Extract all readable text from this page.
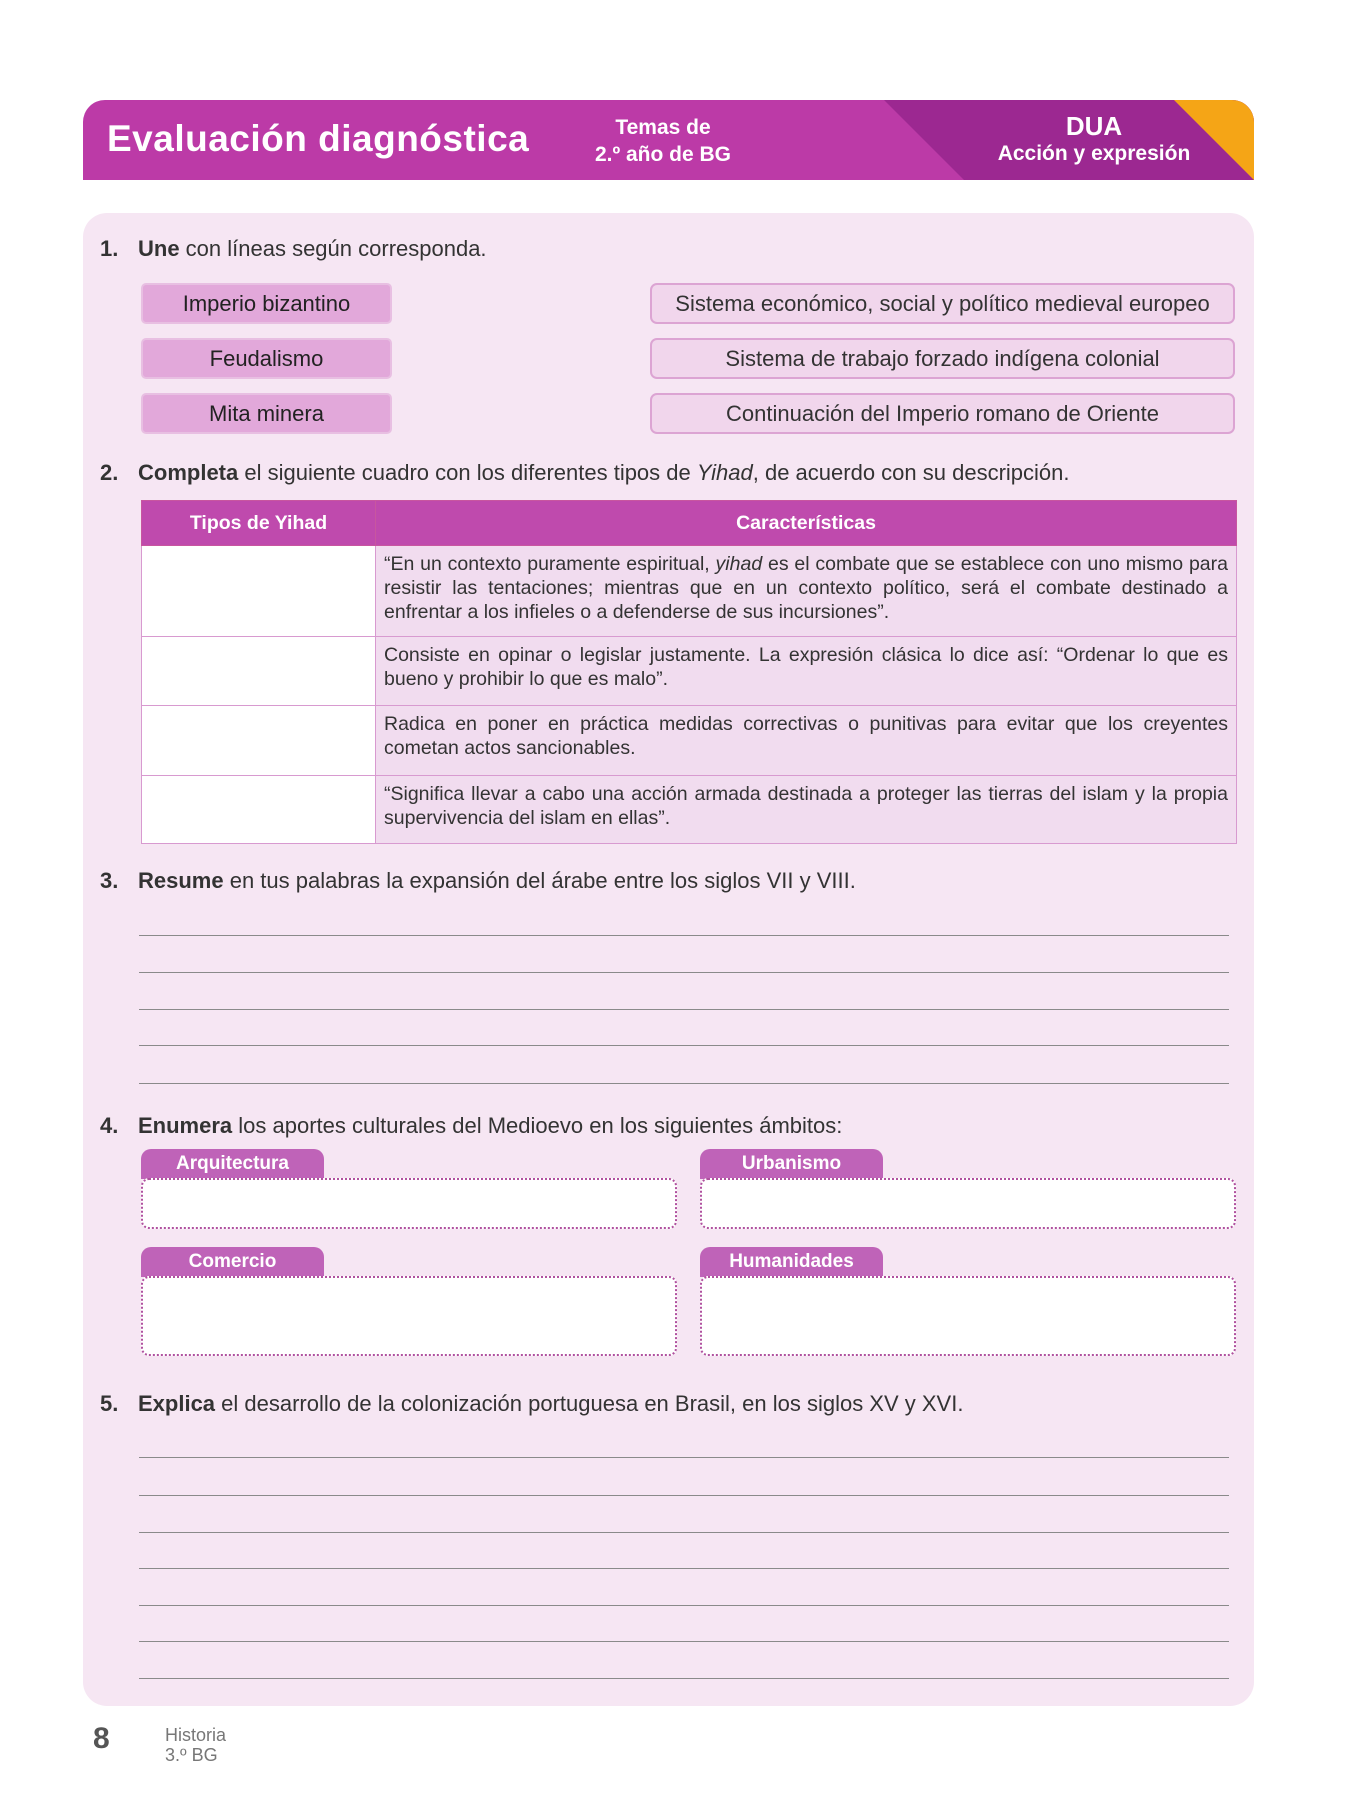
Evaluación diagnóstica	Temas de
2.º año de BG
DUA
Acción y expresión
1. Une con líneas según corresponda.
Imperio bizantino
Feudalismo
Mita minera
Sistema económico, social y político medieval europeo
Sistema de trabajo forzado indígena colonial
Continuación del Imperio romano de Oriente
2. Completa el siguiente cuadro con los diferentes tipos de Yihad, de acuerdo con su descripción.
Tipos de Yihad	Características
	“En un contexto puramente espiritual, yihad es el combate que se establece con uno mismo para resistir las tentaciones; mientras que en un contexto político, será el combate destinado a enfrentar a los infieles o a defenderse de sus incursiones”.
	Consiste en opinar o legislar justamente. La expresión clásica lo dice así: “Ordenar lo que es bueno y prohibir lo que es malo”.
	Radica en poner en práctica medidas correctivas o punitivas para evitar que los creyentes cometan actos sancionables.
	“Significa llevar a cabo una acción armada destinada a proteger las tierras del islam y la propia supervivencia del islam en ellas”.
3. Resume en tus palabras la expansión del árabe entre los siglos VII y VIII.
4. Enumera los aportes culturales del Medioevo en los siguientes ámbitos:
Arquitectura	Urbanismo
Comercio	Humanidades
5. Explica el desarrollo de la colonización portuguesa en Brasil, en los siglos XV y XVI.
8	Historia
3.º BG
